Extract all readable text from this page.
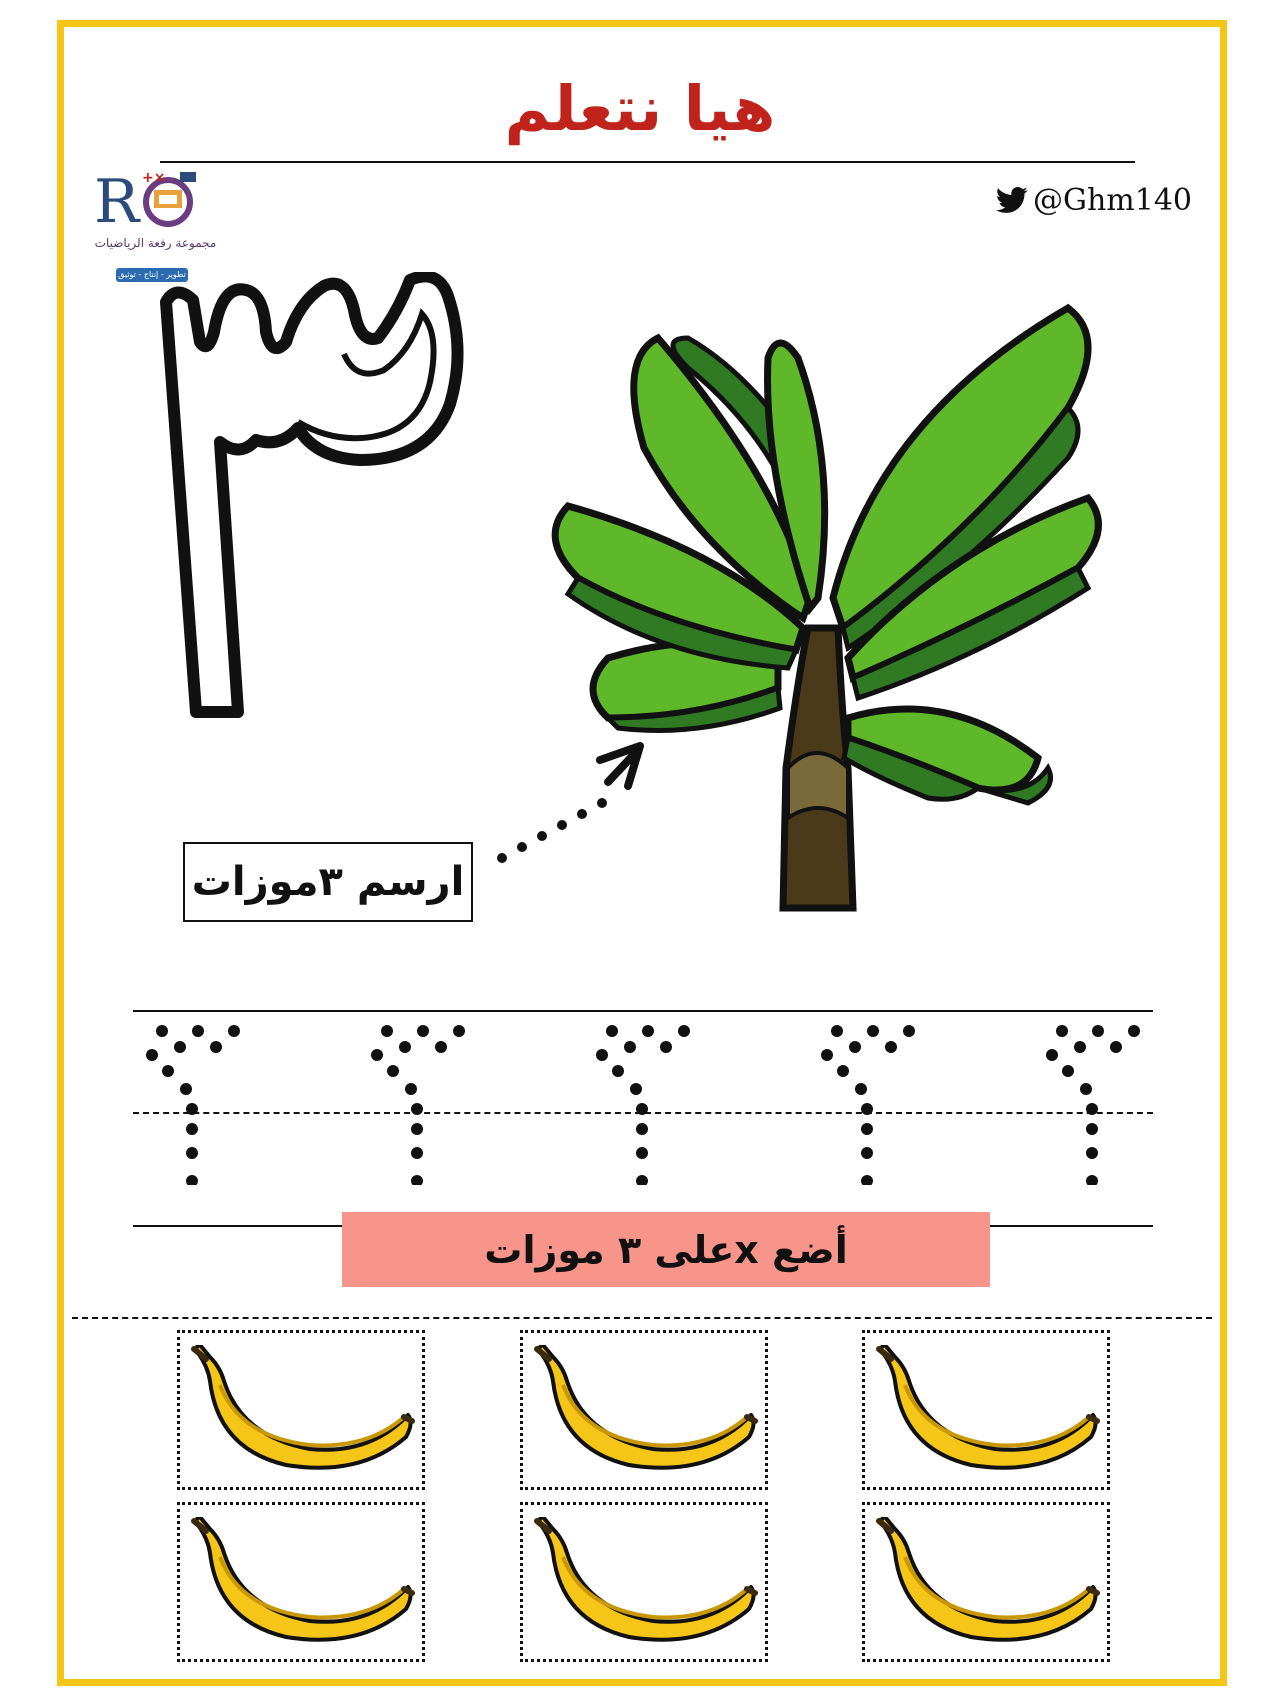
هيا نتعلم
@Ghm140
R +×
مجموعة رفعة الرياضيات
تطوير - إنتاج - توثيق
ارسم ٣موزات
أضع xعلى ٣ موزات
